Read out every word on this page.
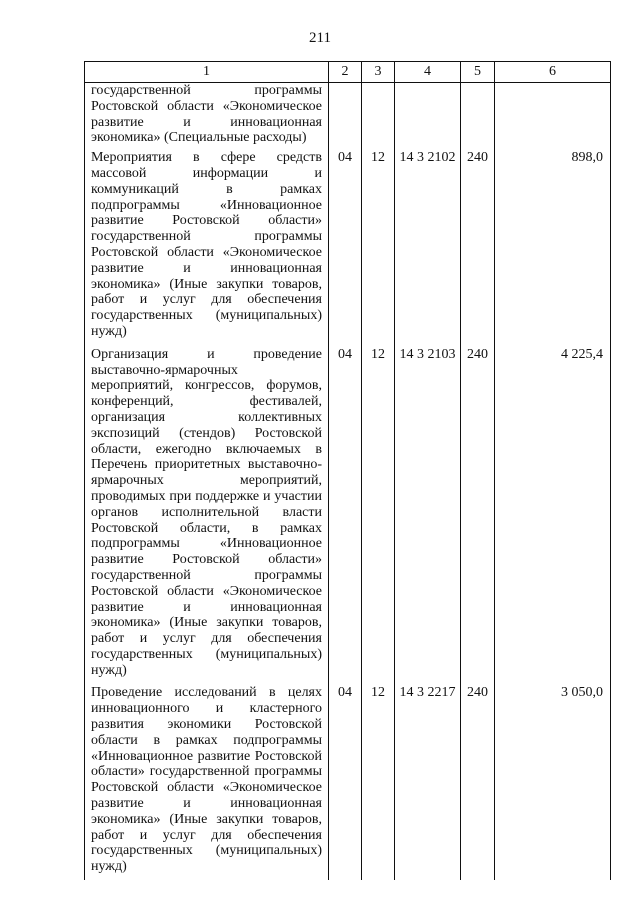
211
1	2	3	4	5	6
государственной программы Ростовской области «Экономическое развитие и инновационная экономика» (Специальные расходы)					
Мероприятия в сфере средств массовой информации и коммуникаций в рамках подпрограммы «Инновационное развитие Ростовской области» государственной программы Ростовской области «Экономическое развитие и инновационная экономика» (Иные закупки товаров, работ и услуг для обеспечения государственных (муниципальных) нужд)	04	12	14 3 2102	240	898,0
Организация и проведение выставочно-ярмарочных мероприятий, конгрессов, форумов, конференций, фестивалей, организация коллективных экспозиций (стендов) Ростовской области, ежегодно включаемых в Перечень приоритетных выставочно-ярмарочных мероприятий, проводимых при поддержке и участии органов исполнительной власти Ростовской области, в рамках подпрограммы «Инновационное развитие Ростовской области» государственной программы Ростовской области «Экономическое развитие и инновационная экономика» (Иные закупки товаров, работ и услуг для обеспечения государственных (муниципальных) нужд)	04	12	14 3 2103	240	4 225,4
Проведение исследований в целях инновационного и кластерного развития экономики Ростовской области в рамках подпрограммы «Инновационное развитие Ростовской области» государственной программы Ростовской области «Экономическое развитие и инновационная экономика» (Иные закупки товаров, работ и услуг для обеспечения государственных (муниципальных) нужд)	04	12	14 3 2217	240	3 050,0
